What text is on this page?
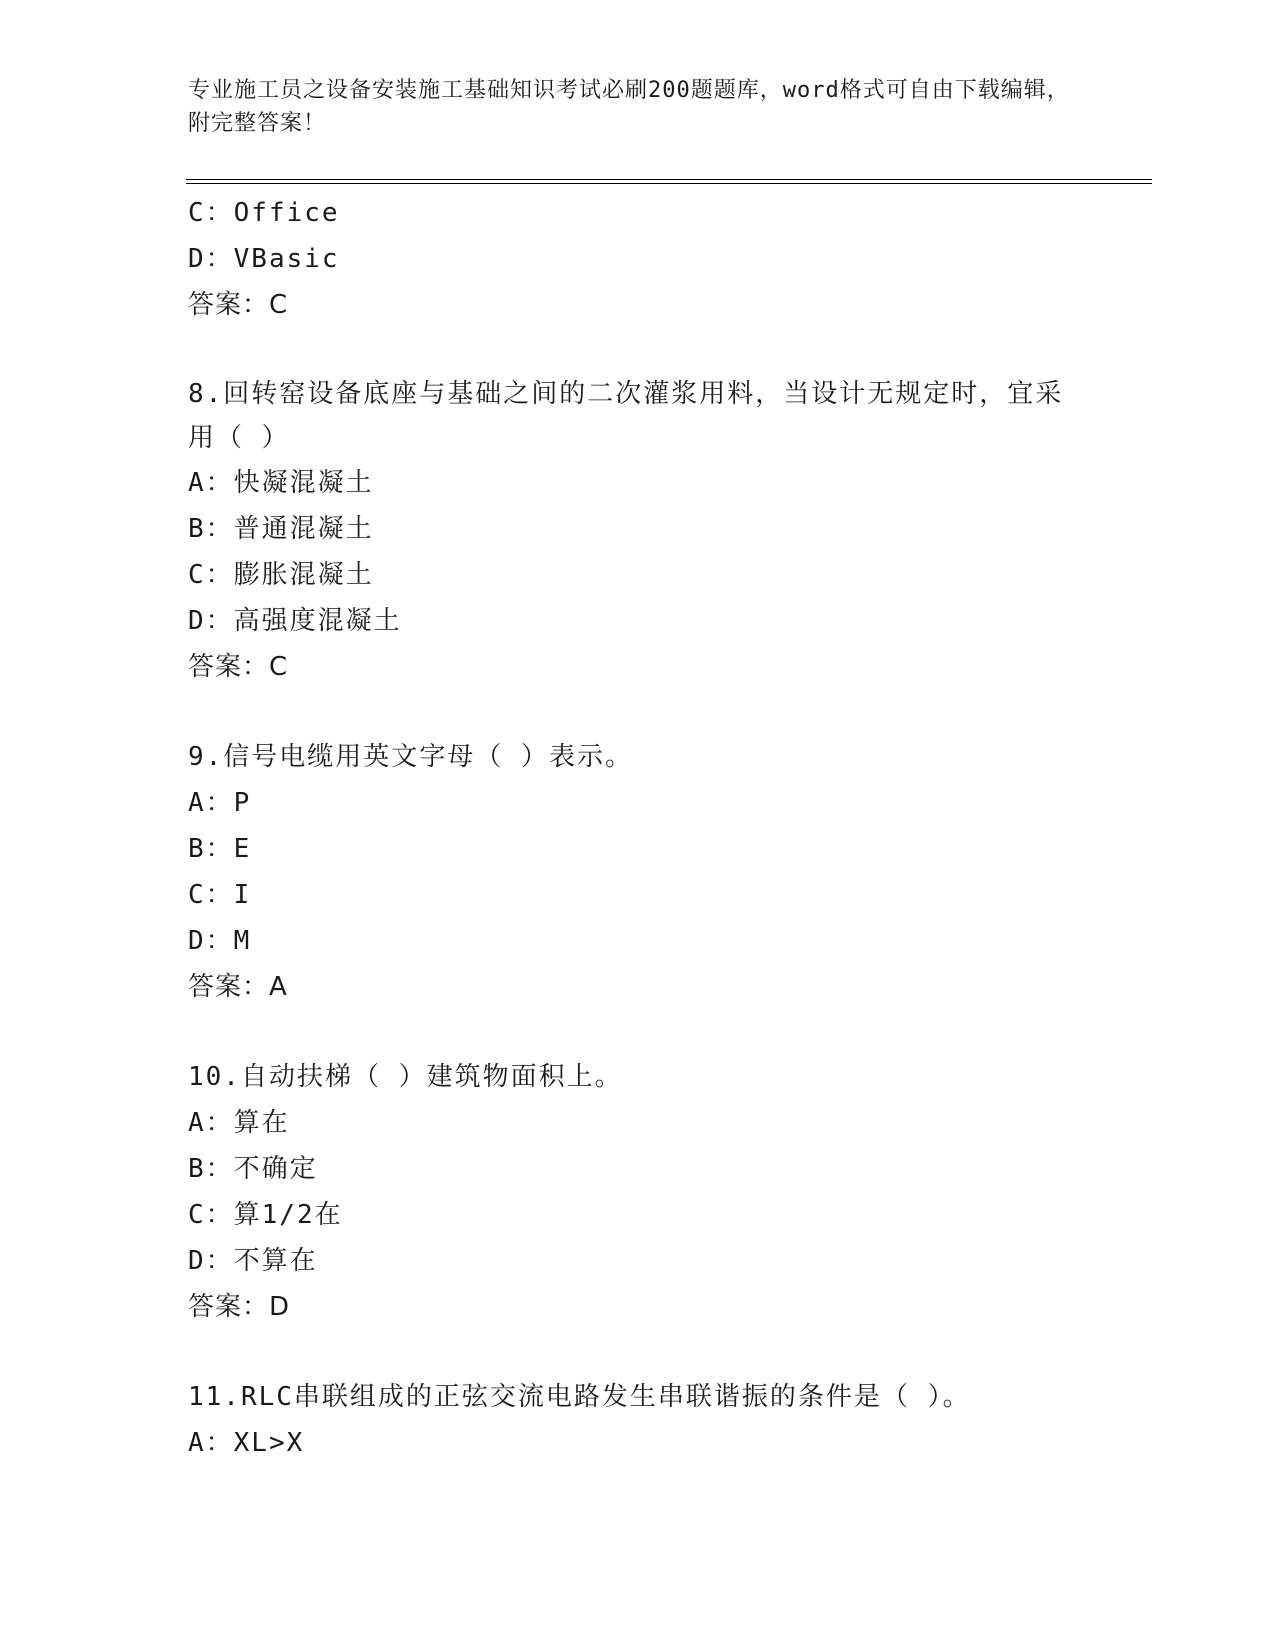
专业施工员之设备安装施工基础知识考试必刷200题题库，word格式可自由下载编辑，附完整答案！
C：Office
D：VBasic
答案：C
8.回转窑设备底座与基础之间的二次灌浆用料，当设计无规定时，宜采用（ ）
A：快凝混凝土
B：普通混凝土
C：膨胀混凝土
D：高强度混凝土
答案：C
9.信号电缆用英文字母（ ）表示。
A：P
B：E
C：I
D：M
答案：A
10.自动扶梯（ ）建筑物面积上。
A：算在
B：不确定
C：算1/2在
D：不算在
答案：D
11.RLC串联组成的正弦交流电路发生串联谐振的条件是（ ）。
A：XL>X
